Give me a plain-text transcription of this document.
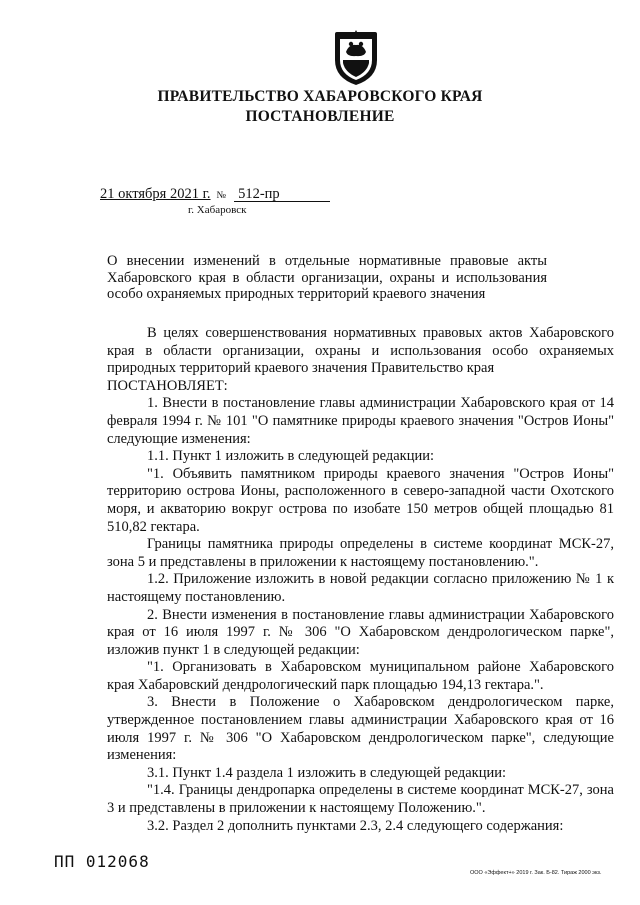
ПРАВИТЕЛЬСТВО ХАБАРОВСКОГО КРАЯ
ПОСТАНОВЛЕНИЕ
21 октября 2021 г. № 512-пр
г. Хабаровск
О внесении изменений в отдельные нормативные правовые акты Хабаровского края в области организации, охраны и использования особо охраняемых природных территорий краевого значения

В целях совершенствования нормативных правовых актов Хабаровского края в области организации, охраны и использования особо охраняемых природных территорий краевого значения Правительство края

ПОСТАНОВЛЯЕТ:

1. Внести в постановление главы администрации Хабаровского края от 14 февраля 1994 г. № 101 "О памятнике природы краевого значения "Остров Ионы" следующие изменения:

1.1. Пункт 1 изложить в следующей редакции:

"1. Объявить памятником природы краевого значения "Остров Ионы" территорию острова Ионы, расположенного в северо-западной части Охотского моря, и акваторию вокруг острова по изобате 150 метров общей площадью 81 510,82 гектара.

Границы памятника природы определены в системе координат МСК-27, зона 5 и представлены в приложении к настоящему постановлению.".

1.2. Приложение изложить в новой редакции согласно приложению № 1 к настоящему постановлению.

2. Внести изменения в постановление главы администрации Хабаровского края от 16 июля 1997 г. № 306 "О Хабаровском дендрологическом парке", изложив пункт 1 в следующей редакции:

"1. Организовать в Хабаровском муниципальном районе Хабаровского края Хабаровский дендрологический парк площадью 194,13 гектара.".

3. Внести в Положение о Хабаровском дендрологическом парке, утвержденное постановлением главы администрации Хабаровского края от 16 июля 1997 г. № 306 "О Хабаровском дендрологическом парке", следующие изменения:

3.1. Пункт 1.4 раздела 1 изложить в следующей редакции:

"1.4. Границы дендропарка определены в системе координат МСК-27, зона 3 и представлены в приложении к настоящему Положению.".

3.2. Раздел 2 дополнить пунктами 2.3, 2.4 следующего содержания:

ПП 012068
ООО «Эффект+» 2019 г. Зак. Б-82. Тираж 2000 экз.
